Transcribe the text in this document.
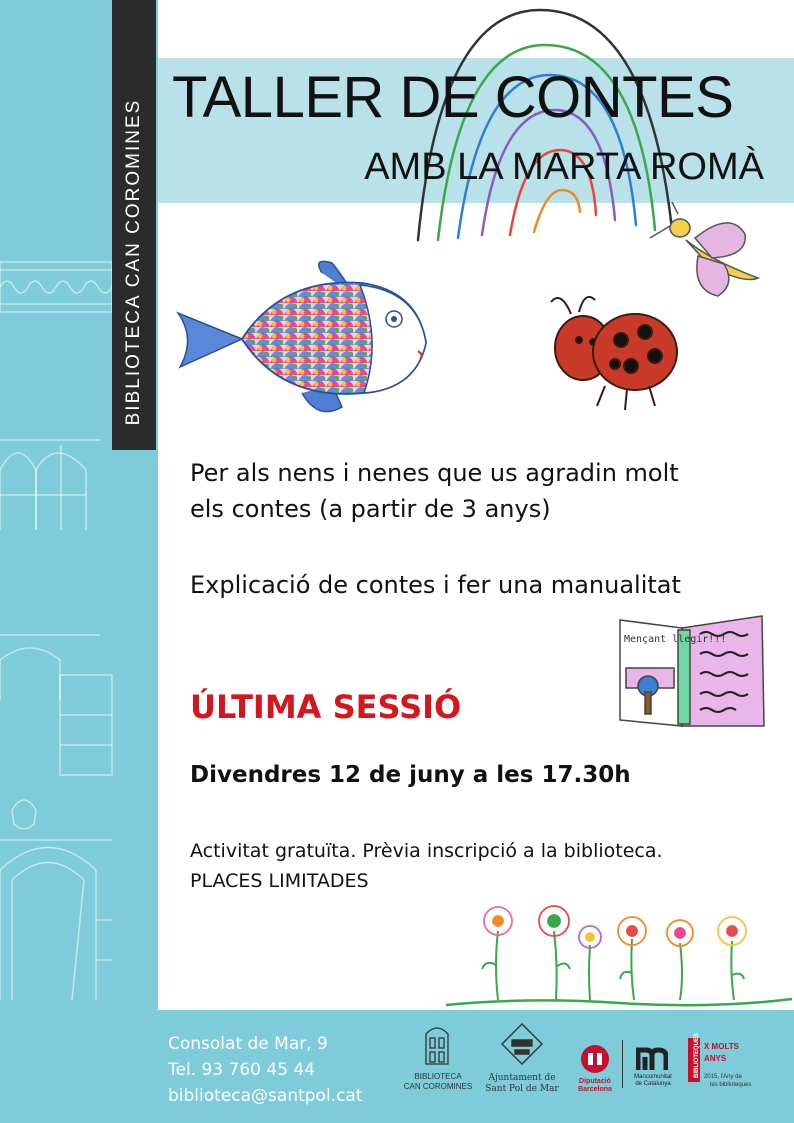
BIBLIOTECA CAN COROMINES
TALLER DE CONTES
AMB LA MARTA ROMÀ

Per als nens i nenes que us agradin molt

els contes (a partir de 3 anys)

Explicació de contes i fer una manualitat

Mençant llegir!!!

ÚLTIMA SESSIÓ

Divendres 12 de juny a les 17.30h

Activitat gratuïta. Prèvia inscripció a la biblioteca.

PLACES LIMITADES

Consolat de Mar, 9
Tel. 93 760 45 44
biblioteca@santpol.cat
BIBLIOTECA
CAN COROMINES
Ajuntament de
Sant Pol de Mar
Diputació
Barcelona
Mancomunitat
de Catalunya
BIBLIOTEQUES X MOLTS
ANYS
2015, l'Any de
les biblioteques
